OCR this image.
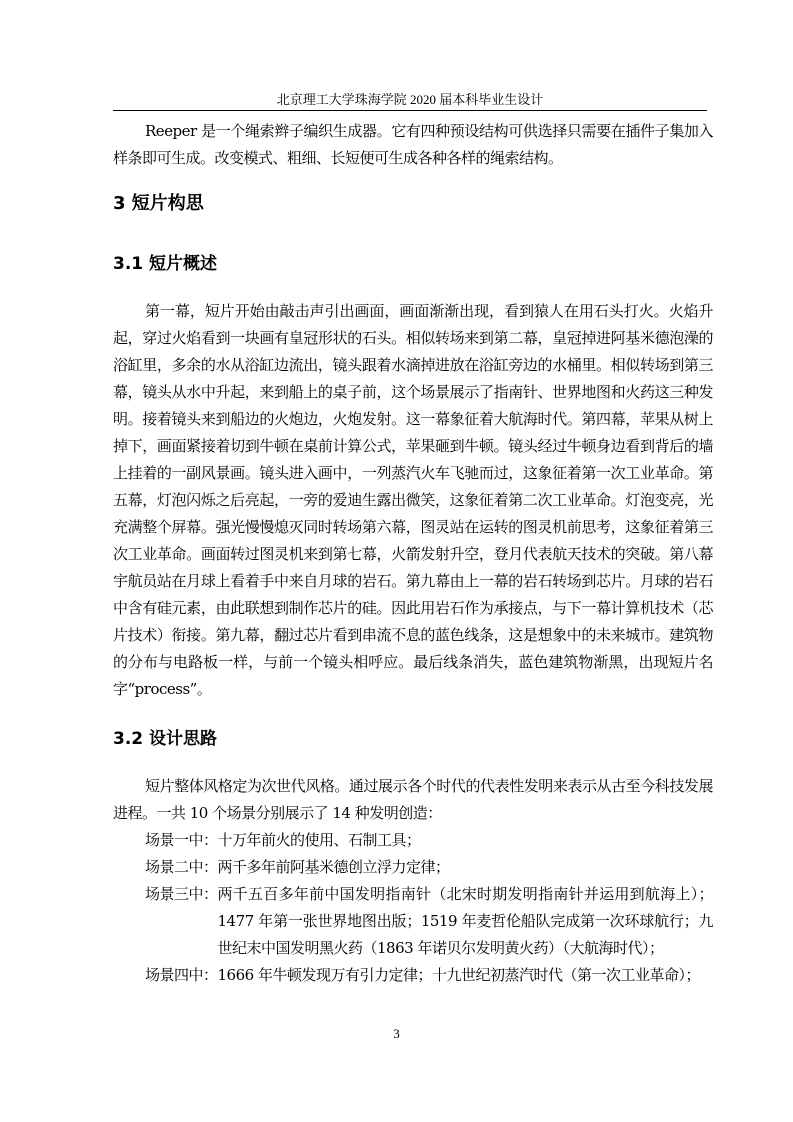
北京理工大学珠海学院 2020 届本科毕业生设计

Reeper 是一个绳索辫子编织生成器。它有四种预设结构可供选择只需要在插件子集加入样条即可生成。改变模式、粗细、长短便可生成各种各样的绳索结构。

3 短片构思
3.1 短片概述

第一幕，短片开始由敲击声引出画面，画面渐渐出现，看到猿人在用石头打火。火焰升起，穿过火焰看到一块画有皇冠形状的石头。相似转场来到第二幕，皇冠掉进阿基米德泡澡的浴缸里，多余的水从浴缸边流出，镜头跟着水滴掉进放在浴缸旁边的水桶里。相似转场到第三幕，镜头从水中升起，来到船上的桌子前，这个场景展示了指南针、世界地图和火药这三种发明。接着镜头来到船边的火炮边，火炮发射。这一幕象征着大航海时代。第四幕，苹果从树上掉下，画面紧接着切到牛顿在桌前计算公式，苹果砸到牛顿。镜头经过牛顿身边看到背后的墙上挂着的一副风景画。镜头进入画中，一列蒸汽火车飞驰而过，这象征着第一次工业革命。第五幕，灯泡闪烁之后亮起，一旁的爱迪生露出微笑，这象征着第二次工业革命。灯泡变亮，光充满整个屏幕。强光慢慢熄灭同时转场第六幕，图灵站在运转的图灵机前思考，这象征着第三次工业革命。画面转过图灵机来到第七幕，火箭发射升空，登月代表航天技术的突破。第八幕宇航员站在月球上看着手中来自月球的岩石。第九幕由上一幕的岩石转场到芯片。月球的岩石中含有硅元素，由此联想到制作芯片的硅。因此用岩石作为承接点，与下一幕计算机技术（芯片技术）衔接。第九幕，翻过芯片看到串流不息的蓝色线条，这是想象中的未来城市。建筑物的分布与电路板一样，与前一个镜头相呼应。最后线条消失，蓝色建筑物渐黑，出现短片名字“process”。

3.2 设计思路

短片整体风格定为次世代风格。通过展示各个时代的代表性发明来表示从古至今科技发展进程。一共 10 个场景分别展示了 14 种发明创造：

场景一中： 十万年前火的使用、石制工具；
场景二中： 两千多年前阿基米德创立浮力定律；
场景三中： 两千五百多年前中国发明指南针（北宋时期发明指南针并运用到航海上）；1477 年第一张世界地图出版；1519 年麦哲伦船队完成第一次环球航行；九世纪末中国发明黑火药（1863 年诺贝尔发明黄火药）（大航海时代）；
场景四中： 1666 年牛顿发现万有引力定律；十九世纪初蒸汽时代（第一次工业革命）；
3
